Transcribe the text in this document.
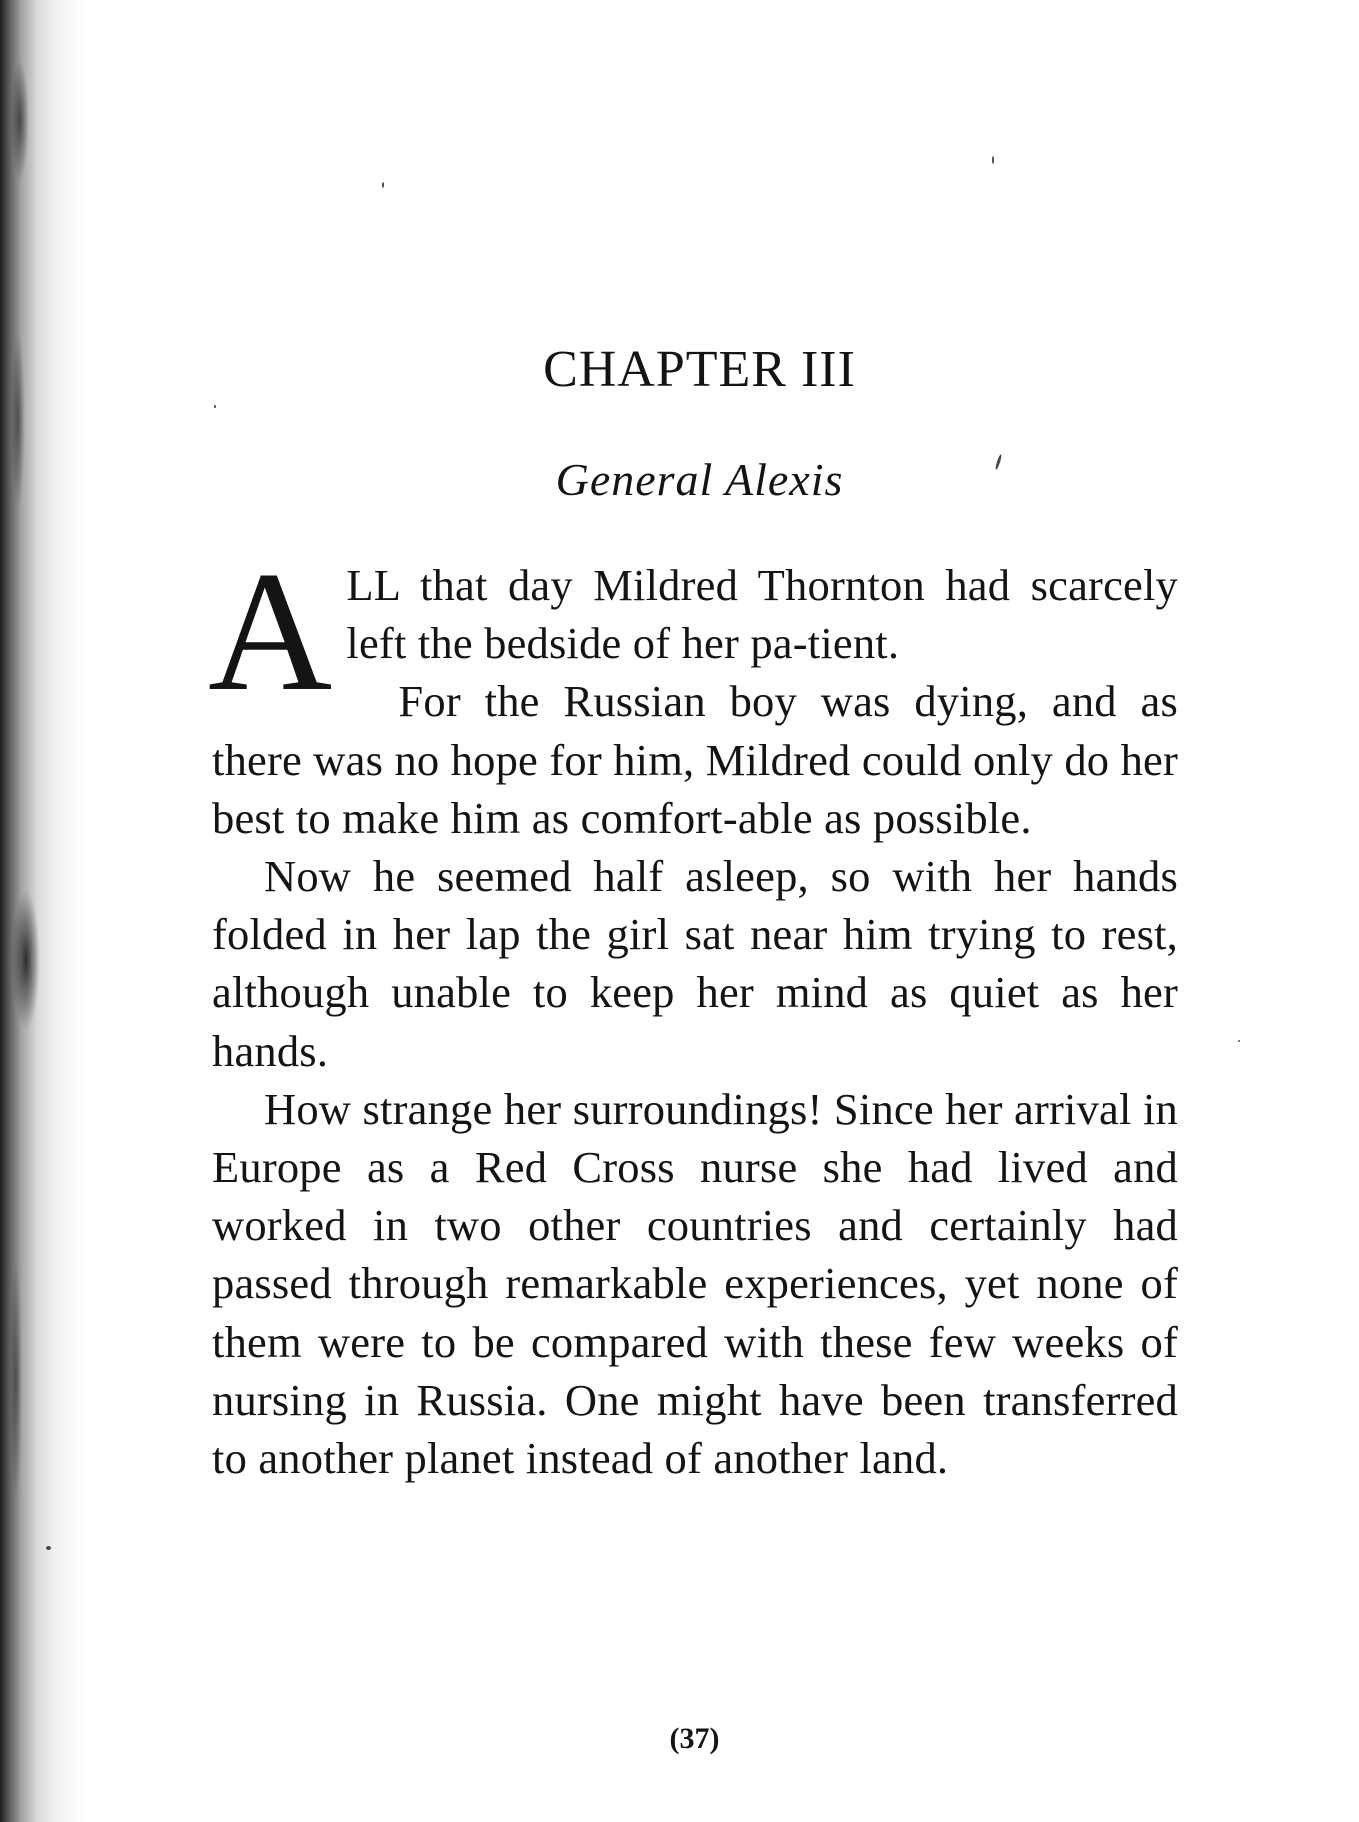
CHAPTER III
General Alexis

ALL that day Mildred Thornton had scarcely left the bedside of her pa-tient.

For the Russian boy was dying, and as there was no hope for him, Mildred could only do her best to make him as comfort-able as possible.

Now he seemed half asleep, so with her hands folded in her lap the girl sat near him trying to rest, although unable to keep her mind as quiet as her hands.

How strange her surroundings! Since her arrival in Europe as a Red Cross nurse she had lived and worked in two other countries and certainly had passed through remarkable experiences, yet none of them were to be compared with these few weeks of nursing in Russia. One might have been transferred to another planet instead of another land.

(37)
